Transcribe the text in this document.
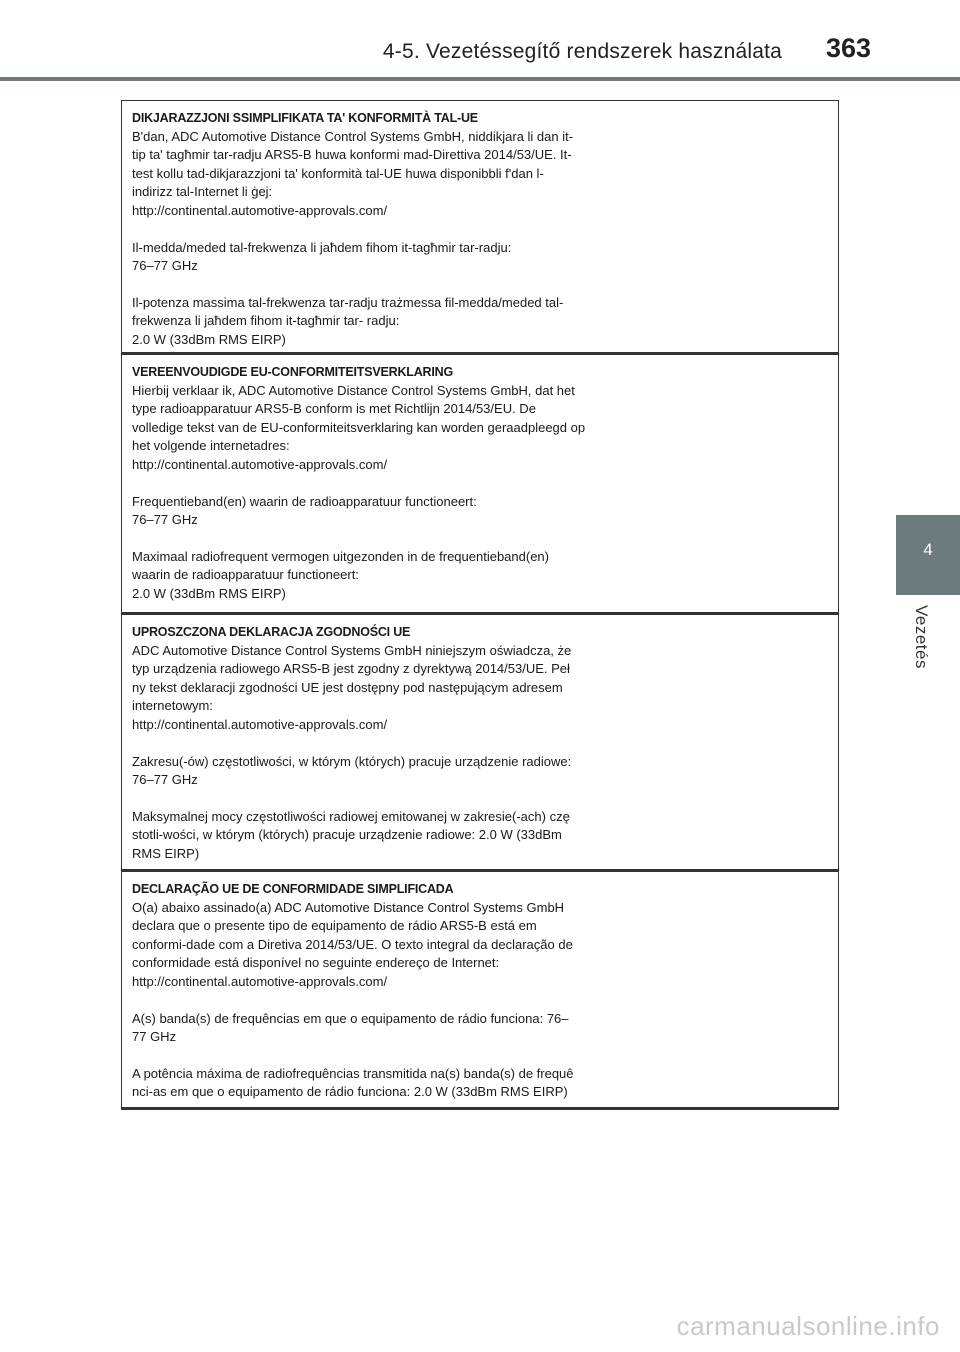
4-5. Vezetéssegítő rendszerek használata 363
4
Vezetés
DIKJARAZZJONI SSIMPLIFIKATA TA' KONFORMITÀ TAL-UE
B'dan, ADC Automotive Distance Control Systems GmbH, niddikjara li dan it-
tip ta' tagħmir tar-radju ARS5-B huwa konformi mad-Direttiva 2014/53/UE. It-
test kollu tad-dikjarazzjoni ta' konformità tal-UE huwa disponibbli f'dan l-
indirizz tal-Internet li ġej:
http://continental.automotive-approvals.com/
Il-medda/meded tal-frekwenza li jaħdem fihom it-tagħmir tar-radju:
76–77 GHz
Il-potenza massima tal-frekwenza tar-radju trażmessa fil-medda/meded tal-
frekwenza li jaħdem fihom it-tagħmir tar- radju:
2.0 W (33dBm RMS EIRP)
VEREENVOUDIGDE EU-CONFORMITEITSVERKLARING
Hierbij verklaar ik, ADC Automotive Distance Control Systems GmbH, dat het
type radioapparatuur ARS5-B conform is met Richtlijn 2014/53/EU. De
volledige tekst van de EU-conformiteitsverklaring kan worden geraadpleegd op
het volgende internetadres:
http://continental.automotive-approvals.com/
Frequentieband(en) waarin de radioapparatuur functioneert:
76–77 GHz
Maximaal radiofrequent vermogen uitgezonden in de frequentieband(en)
waarin de radioapparatuur functioneert:
2.0 W (33dBm RMS EIRP)
UPROSZCZONA DEKLARACJA ZGODNOŚCI UE
ADC Automotive Distance Control Systems GmbH niniejszym oświadcza, że
typ urządzenia radiowego ARS5-B jest zgodny z dyrektywą 2014/53/UE. Peł
ny tekst deklaracji zgodności UE jest dostępny pod następującym adresem
internetowym:
http://continental.automotive-approvals.com/
Zakresu(-ów) częstotliwości, w którym (których) pracuje urządzenie radiowe:
76–77 GHz
Maksymalnej mocy częstotliwości radiowej emitowanej w zakresie(-ach) czę
stotli-wości, w którym (których) pracuje urządzenie radiowe: 2.0 W (33dBm
RMS EIRP)
DECLARAÇÃO UE DE CONFORMIDADE SIMPLIFICADA
O(a) abaixo assinado(a) ADC Automotive Distance Control Systems GmbH
declara que o presente tipo de equipamento de rádio ARS5-B está em
conformi-dade com a Diretiva 2014/53/UE. O texto integral da declaração de
conformidade está disponível no seguinte endereço de Internet:
http://continental.automotive-approvals.com/
A(s) banda(s) de frequências em que o equipamento de rádio funciona: 76–
77 GHz
A potência máxima de radiofrequências transmitida na(s) banda(s) de frequê
nci-as em que o equipamento de rádio funciona: 2.0 W (33dBm RMS EIRP)
carmanualsonline.info
